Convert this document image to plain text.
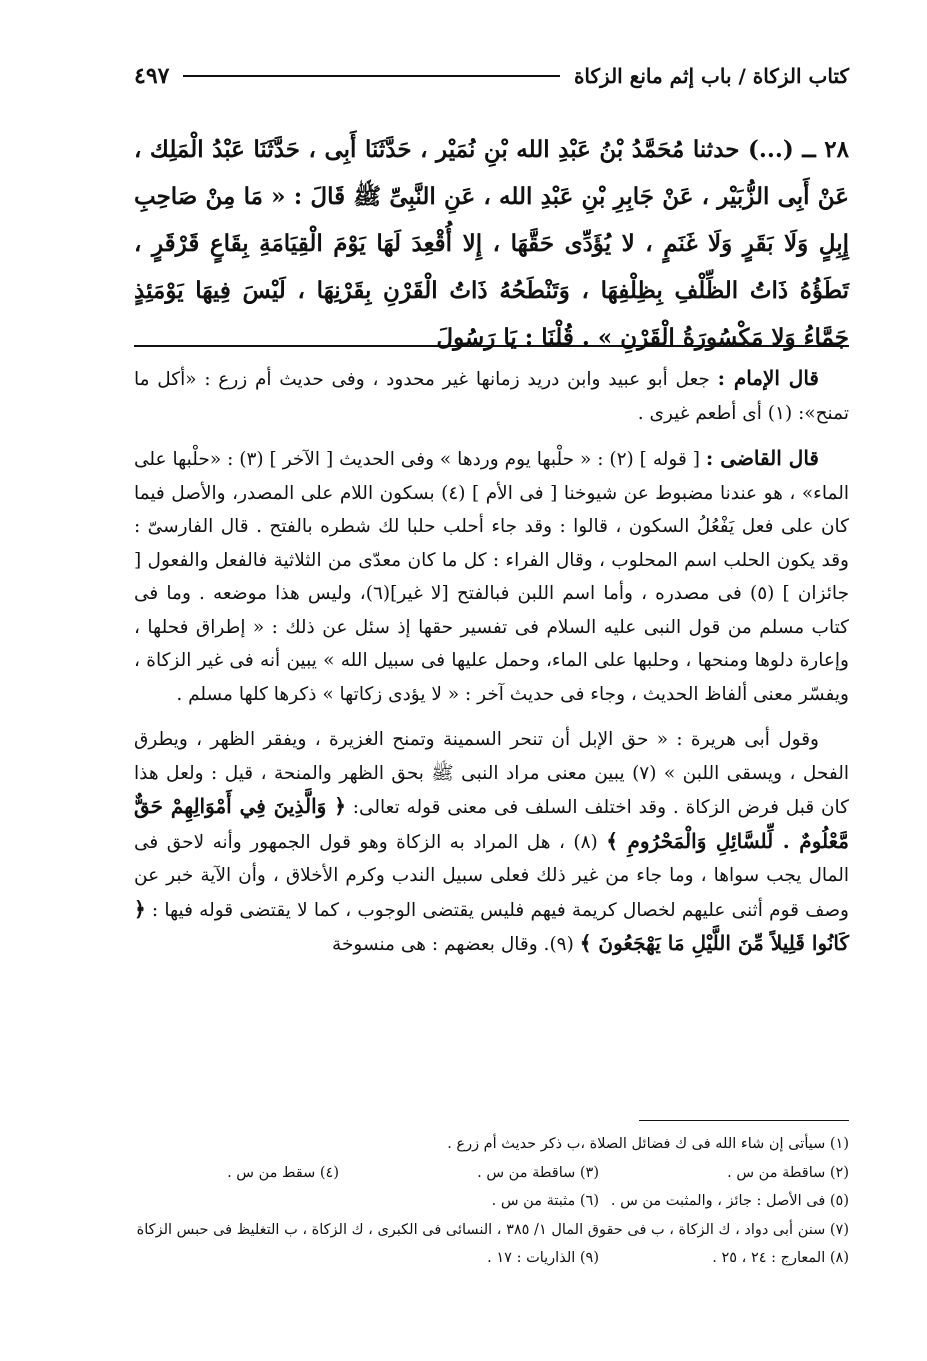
كتاب الزكاة / باب إثم مانع الزكاة
٤٩٧
٢٨ ــ (...) حدثنا مُحَمَّدُ بْنُ عَبْدِ الله بْنِ نُمَيْر ، حَدَّثَنَا أَبِى ، حَدَّثَنَا عَبْدُ الْمَلِك ، عَنْ أَبِى الزُّبَيْر ، عَنْ جَابِرِ بْنِ عَبْدِ الله ، عَنِ النَّبِىِّ ﷺ قَالَ : « مَا مِنْ صَاحِبِ إِبِلٍ وَلَا بَقَرٍ وَلَا غَنَمٍ ، لا يُؤَدِّى حَقَّهَا ، إِلا أُقْعِدَ لَهَا يَوْمَ الْقِيَامَةِ بِقَاعٍ قَرْقَرٍ ، تَطَؤُهُ ذَاتُ الظِّلْفِ بِظِلْفِهَا ، وَتَنْطَحُهُ ذَاتُ الْقَرْنِ بِقَرْنِهَا ، لَيْسَ فِيهَا يَوْمَئِذٍ جَمَّاءُ وَلا مَكْسُورَةُ الْقَرْنِ » . قُلْنَا : يَا رَسُولَ

قال الإمام : جعل أبو عبيد وابن دريد زمانها غير محدود ، وفى حديث أم زرع : «أكل ما تمنح»: (١) أى أطعم غيرى .

قال القاضى : [ قوله ] (٢) : « حلْبها يوم وردها » وفى الحديث [ الآخر ] (٣) : «حلْبها على الماء» ، هو عندنا مضبوط عن شيوخنا [ فى الأم ] (٤) بسكون اللام على المصدر، والأصل فيما كان على فعل يَفْعُلُ السكون ، قالوا : وقد جاء أحلب حلبا لك شطره بالفتح . قال الفارسىّ : وقد يكون الحلب اسم المحلوب ، وقال الفراء : كل ما كان معدّى من الثلاثية فالفعل والفعول [ جائزان ] (٥) فى مصدره ، وأما اسم اللبن فبالفتح [لا غير](٦)، وليس هذا موضعه . وما فى كتاب مسلم من قول النبى عليه السلام فى تفسير حقها إذ سئل عن ذلك : « إطراق فحلها ، وإعارة دلوها ومنحها ، وحلبها على الماء، وحمل عليها فى سبيل الله » يبين أنه فى غير الزكاة ، ويفسّر معنى ألفاظ الحديث ، وجاء فى حديث آخر : « لا يؤدى زكاتها » ذكرها كلها مسلم .

وقول أبى هريرة : « حق الإبل أن تنحر السمينة وتمنح الغزيرة ، ويفقر الظهر ، ويطرق الفحل ، ويسقى اللبن » (٧) يبين معنى مراد النبى ﷺ بحق الظهر والمنحة ، قيل : ولعل هذا كان قبل فرض الزكاة . وقد اختلف السلف فى معنى قوله تعالى: ﴿ وَالَّذِينَ فِي أَمْوَالِهِمْ حَقٌّ مَّعْلُومٌ . لِّلسَّائِلِ وَالْمَحْرُومِ ﴾ (٨) ، هل المراد به الزكاة وهو قول الجمهور وأنه لاحق فى المال يجب سواها ، وما جاء من غير ذلك فعلى سبيل الندب وكرم الأخلاق ، وأن الآية خبر عن وصف قوم أثنى عليهم لخصال كريمة فيهم فليس يقتضى الوجوب ، كما لا يقتضى قوله فيها : ﴿ كَانُوا قَلِيلاً مِّنَ اللَّيْلِ مَا يَهْجَعُونَ ﴾ (٩). وقال بعضهم : هى منسوخة

(١) سيأتى إن شاء الله فى ك فضائل الصلاة ،ب ذكر حديث أم زرع .
(٢) ساقطة من س .
(٣) ساقطة من س .
(٤) سقط من س .
(٥) فى الأصل : جائز ، والمثبت من س .
(٦) مثبتة من س .
(٧) سنن أبى دواد ، ك الزكاة ، ب فى حقوق المال ١/ ٣٨٥ ، النسائى فى الكبرى ، ك الزكاة ، ب التغليظ فى حبس الزكاة
(٨) المعارج : ٢٤ ، ٢٥ .
(٩) الذاريات : ١٧ .
